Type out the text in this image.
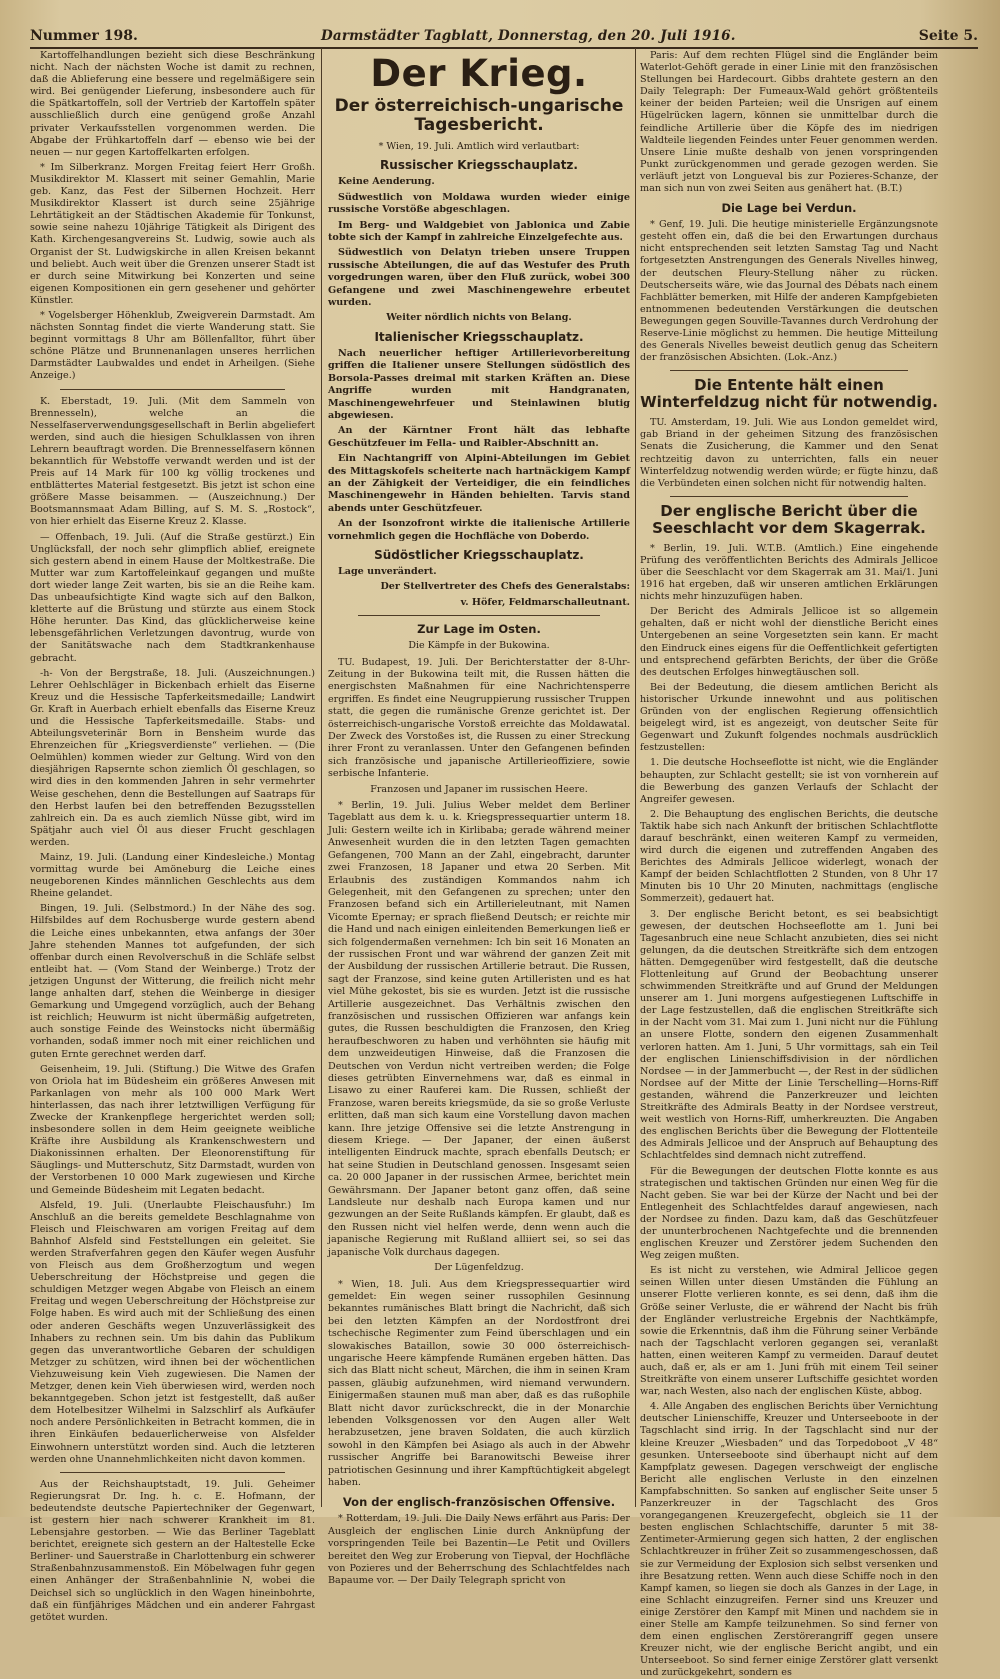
Nummer 198.	Darmstädter Tagblatt, Donnerstag, den 20. Juli 1916.	Seite 5.

Kartoffelhandlungen bezieht sich diese Beschränkung nicht. Nach der nächsten Woche ist damit zu rechnen, daß die Ablieferung eine bessere und regelmäßigere sein wird. Bei genügender Lieferung, insbesondere auch für die Spätkartoffeln, soll der Vertrieb der Kartoffeln später ausschließlich durch eine genügend große Anzahl privater Verkaufsstellen vorgenommen werden. Die Abgabe der Frühkartoffeln darf — ebenso wie bei der neuen — nur gegen Kartoffelkarten erfolgen.

* Im Silberkranz. Morgen Freitag feiert Herr Großh. Musikdirektor M. Klassert mit seiner Gemahlin, Marie geb. Kanz, das Fest der Silbernen Hochzeit. Herr Musikdirektor Klassert ist durch seine 25jährige Lehrtätigkeit an der Städtischen Akademie für Tonkunst, sowie seine nahezu 10jährige Tätigkeit als Dirigent des Kath. Kirchengesangvereins St. Ludwig, sowie auch als Organist der St. Ludwigskirche in allen Kreisen bekannt und beliebt. Auch weit über die Grenzen unserer Stadt ist er durch seine Mitwirkung bei Konzerten und seine eigenen Kompositionen ein gern gesehener und gehörter Künstler.

* Vogelsberger Höhenklub, Zweigverein Darmstadt. Am nächsten Sonntag findet die vierte Wanderung statt. Sie beginnt vormittags 8 Uhr am Böllenfalltor, führt über schöne Plätze und Brunnenanlagen unseres herrlichen Darmstädter Laubwaldes und endet in Arheilgen. (Siehe Anzeige.)

K. Eberstadt, 19. Juli. (Mit dem Sammeln von Brennesseln), welche an die Nesselfaserverwendungsgesellschaft in Berlin abgeliefert werden, sind auch die hiesigen Schulklassen von ihren Lehrern beauftragt worden. Die Brennesselfasern können bekanntlich für Webstoffe verwandt werden und ist der Preis auf 14 Mark für 100 kg völlig trockenes und entblättertes Material festgesetzt. Bis jetzt ist schon eine größere Masse beisammen. — (Auszeichnung.) Der Bootsmannsmaat Adam Billing, auf S. M. S. „Rostock“, von hier erhielt das Eiserne Kreuz 2. Klasse.

— Offenbach, 19. Juli. (Auf die Straße gestürzt.) Ein Unglücksfall, der noch sehr glimpflich ablief, ereignete sich gestern abend in einem Hause der Moltkestraße. Die Mutter war zum Kartoffeleinkauf gegangen und mußte dort wieder lange Zeit warten, bis sie an die Reihe kam. Das unbeaufsichtigte Kind wagte sich auf den Balkon, kletterte auf die Brüstung und stürzte aus einem Stock Höhe herunter. Das Kind, das glücklicherweise keine lebensgefährlichen Verletzungen davontrug, wurde von der Sanitätswache nach dem Stadtkrankenhause gebracht.

-h- Von der Bergstraße, 18. Juli. (Auszeichnungen.) Lehrer Oehlschläger in Bickenbach erhielt das Eiserne Kreuz und die Hessische Tapferkeitsmedaille; Landwirt Gr. Kraft in Auerbach erhielt ebenfalls das Eiserne Kreuz und die Hessische Tapferkeitsmedaille. Stabs- und Abteilungsveterinär Born in Bensheim wurde das Ehrenzeichen für „Kriegsverdienste“ verliehen. — (Die Oelmühlen) kommen wieder zur Geltung. Wird von den diesjährigen Rapsernte schon ziemlich Öl geschlagen, so wird dies in den kommenden Jahren in sehr vermehrter Weise geschehen, denn die Bestellungen auf Saatraps für den Herbst laufen bei den betreffenden Bezugsstellen zahlreich ein. Da es auch ziemlich Nüsse gibt, wird im Spätjahr auch viel Öl aus dieser Frucht geschlagen werden.

Mainz, 19. Juli. (Landung einer Kindesleiche.) Montag vormittag wurde bei Amöneburg die Leiche eines neugeborenen Kindes männlichen Geschlechts aus dem Rheine gelandet.

Bingen, 19. Juli. (Selbstmord.) In der Nähe des sog. Hilfsbildes auf dem Rochusberge wurde gestern abend die Leiche eines unbekannten, etwa anfangs der 30er Jahre stehenden Mannes tot aufgefunden, der sich offenbar durch einen Revolverschuß in die Schläfe selbst entleibt hat. — (Vom Stand der Weinberge.) Trotz der jetzigen Ungunst der Witterung, die freilich nicht mehr lange anhalten darf, stehen die Weinberge in diesiger Gemarkung und Umgegend vorzüglich, auch der Behang ist reichlich; Heuwurm ist nicht übermäßig aufgetreten, auch sonstige Feinde des Weinstocks nicht übermäßig vorhanden, sodaß immer noch mit einer reichlichen und guten Ernte gerechnet werden darf.

Geisenheim, 19. Juli. (Stiftung.) Die Witwe des Grafen von Oriola hat im Büdesheim ein größeres Anwesen mit Parkanlagen von mehr als 100 000 Mark Wert hinterlassen, das nach ihrer letztwilligen Verfügung für Zwecke der Krankenpflege hergerichtet werden soll; insbesondere sollen in dem Heim geeignete weibliche Kräfte ihre Ausbildung als Krankenschwestern und Diakonissinnen erhalten. Der Eleonorenstiftung für Säuglings- und Mutterschutz, Sitz Darmstadt, wurden von der Verstorbenen 10 000 Mark zugewiesen und Kirche und Gemeinde Büdesheim mit Legaten bedacht.

Alsfeld, 19. Juli. (Unerlaubte Fleischausfuhr.) Im Anschluß an die bereits gemeldete Beschlagnahme von Fleisch und Fleischwaren am vorigen Freitag auf dem Bahnhof Alsfeld sind Feststellungen ein geleitet. Sie werden Strafverfahren gegen den Käufer wegen Ausfuhr von Fleisch aus dem Großherzogtum und wegen Ueberschreitung der Höchstpreise und gegen die schuldigen Metzger wegen Abgabe von Fleisch an einem Freitag und wegen Ueberschreitung der Höchstpreise zur Folge haben. Es wird auch mit der Schließung des einen oder anderen Geschäfts wegen Unzuverlässigkeit des Inhabers zu rechnen sein. Um bis dahin das Publikum gegen das unverantwortliche Gebaren der schuldigen Metzger zu schützen, wird ihnen bei der wöchentlichen Viehzuweisung kein Vieh zugewiesen. Die Namen der Metzger, denen kein Vieh überwiesen wird, werden noch bekanntgegeben. Schon jetzt ist festgestellt, daß außer dem Hotelbesitzer Wilhelmi in Salzschlirf als Aufkäufer noch andere Persönlichkeiten in Betracht kommen, die in ihren Einkäufen bedauerlicherweise von Alsfelder Einwohnern unterstützt worden sind. Auch die letzteren werden ohne Unannehmlichkeiten nicht davon kommen.

Aus der Reichshauptstadt, 19. Juli. Geheimer Regierungsrat Dr. Ing. h. c. E. Hofmann, der bedeutendste deutsche Papiertechniker der Gegenwart, ist gestern hier nach schwerer Krankheit im 81. Lebensjahre gestorben. — Wie das Berliner Tageblatt berichtet, ereignete sich gestern an der Haltestelle Ecke Berliner- und Sauerstraße in Charlottenburg ein schwerer Straßenbahnzusammenstoß. Ein Möbelwagen fuhr gegen einen Anhänger der Straßenbahnlinie N, wobei die Deichsel sich so unglücklich in den Wagen hineinbohrte, daß ein fünfjähriges Mädchen und ein anderer Fahrgast getötet wurden.

Der Krieg.
Der österreichisch-ungarische Tagesbericht.

* Wien, 19. Juli. Amtlich wird verlautbart:

Russischer Kriegsschauplatz.

Keine Aenderung.

Südwestlich von Moldawa wurden wieder einige russische Vorstöße abgeschlagen.

Im Berg- und Waldgebiet von Jablonica und Zabie tobte sich der Kampf in zahlreiche Einzelgefechte aus.

Südwestlich von Delatyn trieben unsere Truppen russische Abteilungen, die auf das Westufer des Pruth vorgedrungen waren, über den Fluß zurück, wobei 300 Gefangene und zwei Maschinengewehre erbeutet wurden.

Weiter nördlich nichts von Belang.

Italienischer Kriegsschauplatz.

Nach neuerlicher heftiger Artillerievorbereitung griffen die Italiener unsere Stellungen südöstlich des Borsola-Passes dreimal mit starken Kräften an. Diese Angriffe wurden mit Handgranaten, Maschinengewehrfeuer und Steinlawinen blutig abgewiesen.

An der Kärntner Front hält das lebhafte Geschützfeuer im Fella- und Raibler-Abschnitt an.

Ein Nachtangriff von Alpini-Abteilungen im Gebiet des Mittagskofels scheiterte nach hartnäckigem Kampf an der Zähigkeit der Verteidiger, die ein feindliches Maschinengewehr in Händen behielten. Tarvis stand abends unter Geschützfeuer.

An der Isonzofront wirkte die italienische Artillerie vornehmlich gegen die Hochfläche von Doberdo.

Südöstlicher Kriegsschauplatz.

Lage unverändert.

Der Stellvertreter des Chefs des Generalstabs:

v. Höfer, Feldmarschalleutnant.

Zur Lage im Osten.

Die Kämpfe in der Bukowina.

TU. Budapest, 19. Juli. Der Berichterstatter der 8-Uhr-Zeitung in der Bukowina teilt mit, die Russen hätten die energischsten Maßnahmen für eine Nachrichtensperre ergriffen. Es findet eine Neugruppierung russischer Truppen statt, die gegen die rumänische Grenze gerichtet ist. Der österreichisch-ungarische Vorstoß erreichte das Moldawatal. Der Zweck des Vorstoßes ist, die Russen zu einer Streckung ihrer Front zu veranlassen. Unter den Gefangenen befinden sich französische und japanische Artillerieoffiziere, sowie serbische Infanterie.

Franzosen und Japaner im russischen Heere.

* Berlin, 19. Juli. Julius Weber meldet dem Berliner Tageblatt aus dem k. u. k. Kriegspressequartier unterm 18. Juli: Gestern weilte ich in Kirlibaba; gerade während meiner Anwesenheit wurden die in den letzten Tagen gemachten Gefangenen, 700 Mann an der Zahl, eingebracht, darunter zwei Franzosen, 18 Japaner und etwa 20 Serben. Mit Erlaubnis des zuständigen Kommandos nahm ich Gelegenheit, mit den Gefangenen zu sprechen; unter den Franzosen befand sich ein Artillerieleutnant, mit Namen Vicomte Epernay; er sprach fließend Deutsch; er reichte mir die Hand und nach einigen einleitenden Bemerkungen ließ er sich folgendermaßen vernehmen: Ich bin seit 16 Monaten an der russischen Front und war während der ganzen Zeit mit der Ausbildung der russischen Artillerie betraut. Die Russen, sagt der Franzose, sind keine guten Artilleristen und es hat viel Mühe gekostet, bis sie es wurden. Jetzt ist die russische Artillerie ausgezeichnet. Das Verhältnis zwischen den französischen und russischen Offizieren war anfangs kein gutes, die Russen beschuldigten die Franzosen, den Krieg heraufbeschworen zu haben und verhöhnten sie häufig mit dem unzweideutigen Hinweise, daß die Franzosen die Deutschen von Verdun nicht vertreiben werden; die Folge dieses getrübten Einvernehmens war, daß es einmal in Lisawo zu einer Rauferei kam. Die Russen, schließt der Franzose, waren bereits kriegsmüde, da sie so große Verluste erlitten, daß man sich kaum eine Vorstellung davon machen kann. Ihre jetzige Offensive sei die letzte Anstrengung in diesem Kriege. — Der Japaner, der einen äußerst intelligenten Eindruck machte, sprach ebenfalls Deutsch; er hat seine Studien in Deutschland genossen. Insgesamt seien ca. 20 000 Japaner in der russischen Armee, berichtet mein Gewährsmann. Der Japaner betont ganz offen, daß seine Landsleute nur deshalb nach Europa kamen und nur gezwungen an der Seite Rußlands kämpfen. Er glaubt, daß es den Russen nicht viel helfen werde, denn wenn auch die japanische Regierung mit Rußland alliiert sei, so sei das japanische Volk durchaus dagegen.

Der Lügenfeldzug.

* Wien, 18. Juli. Aus dem Kriegspressequartier wird gemeldet: Ein wegen seiner russophilen Gesinnung bekanntes rumänisches Blatt bringt die Nachricht, daß sich bei den letzten Kämpfen an der Nordostfront drei tschechische Regimenter zum Feind überschlagen und ein slowakisches Bataillon, sowie 30 000 österreichisch-ungarische Heere kämpfende Rumänen ergeben hätten. Das sich das Blatt nicht scheut, Märchen, die ihm in seinen Kram passen, gläubig aufzunehmen, wird niemand verwundern. Einigermaßen staunen muß man aber, daß es das rußophile Blatt nicht davor zurückschreckt, die in der Monarchie lebenden Volksgenossen vor den Augen aller Welt herabzusetzen, jene braven Soldaten, die auch kürzlich sowohl in den Kämpfen bei Asiago als auch in der Abwehr russischer Angriffe bei Baranowitschi Beweise ihrer patriotischen Gesinnung und ihrer Kampftüchtigkeit abgelegt haben.

Von der englisch-französischen Offensive.

* Rotterdam, 19. Juli. Die Daily News erfährt aus Paris: Der Ausgleich der englischen Linie durch Anknüpfung der vorspringenden Teile bei Bazentin—Le Petit und Ovillers bereitet den Weg zur Eroberung von Tiepval, der Hochfläche von Pozieres und der Beherrschung des Schlachtfeldes nach Bapaume vor. — Der Daily Telegraph spricht von

Paris: Auf dem rechten Flügel sind die Engländer beim Waterlot-Gehöft gerade in einer Linie mit den französischen Stellungen bei Hardecourt. Gibbs drahtete gestern an den Daily Telegraph: Der Fumeaux-Wald gehört größtenteils keiner der beiden Parteien; weil die Unsrigen auf einem Hügelrücken lagern, können sie unmittelbar durch die feindliche Artillerie über die Köpfe des im niedrigen Waldteile liegenden Feindes unter Feuer genommen werden. Unsere Linie mußte deshalb von jenen vorspringenden Punkt zurückgenommen und gerade gezogen werden. Sie verläuft jetzt von Longueval bis zur Pozieres-Schanze, der man sich nun von zwei Seiten aus genähert hat. (B.T.)

Die Lage bei Verdun.

* Genf, 19. Juli. Die heutige ministerielle Ergänzungsnote gesteht offen ein, daß die bei den Erwartungen durchaus nicht entsprechenden seit letzten Samstag Tag und Nacht fortgesetzten Anstrengungen des Generals Nivelles hinweg, der deutschen Fleury-Stellung näher zu rücken. Deutscherseits wäre, wie das Journal des Débats nach einem Fachblätter bemerken, mit Hilfe der anderen Kampfgebieten entnommenen bedeutenden Verstärkungen die deutschen Bewegungen gegen Souville-Tavannes durch Verdrohung der Reserve-Linie möglichst zu hemmen. Die heutige Mitteilung des Generals Nivelles beweist deutlich genug das Scheitern der französischen Absichten. (Lok.-Anz.)

Die Entente hält einen Winterfeldzug nicht für notwendig.

TU. Amsterdam, 19. Juli. Wie aus London gemeldet wird, gab Briand in der geheimen Sitzung des französischen Senats die Zusicherung, die Kammer und den Senat rechtzeitig davon zu unterrichten, falls ein neuer Winterfeldzug notwendig werden würde; er fügte hinzu, daß die Verbündeten einen solchen nicht für notwendig halten.

Der englische Bericht über die Seeschlacht vor dem Skagerrak.

* Berlin, 19. Juli. W.T.B. (Amtlich.) Eine eingehende Prüfung des veröffentlichten Berichts des Admirals Jellicoe über die Seeschlacht vor dem Skagerrak am 31. Mai/1. Juni 1916 hat ergeben, daß wir unseren amtlichen Erklärungen nichts mehr hinzuzufügen haben.

Der Bericht des Admirals Jellicoe ist so allgemein gehalten, daß er nicht wohl der dienstliche Bericht eines Untergebenen an seine Vorgesetzten sein kann. Er macht den Eindruck eines eigens für die Oeffentlichkeit gefertigten und entsprechend gefärbten Berichts, der über die Größe des deutschen Erfolges hinwegtäuschen soll.

Bei der Bedeutung, die diesem amtlichen Bericht als historischer Urkunde innewohnt und aus politischen Gründen von der englischen Regierung offensichtlich beigelegt wird, ist es angezeigt, von deutscher Seite für Gegenwart und Zukunft folgendes nochmals ausdrücklich festzustellen:

1. Die deutsche Hochseeflotte ist nicht, wie die Engländer behaupten, zur Schlacht gestellt; sie ist von vornherein auf die Bewerbung des ganzen Verlaufs der Schlacht der Angreifer gewesen.

2. Die Behauptung des englischen Berichts, die deutsche Taktik habe sich nach Ankunft der britischen Schlachtflotte darauf beschränkt, einen weiteren Kampf zu vermeiden, wird durch die eigenen und zutreffenden Angaben des Berichtes des Admirals Jellicoe widerlegt, wonach der Kampf der beiden Schlachtflotten 2 Stunden, von 8 Uhr 17 Minuten bis 10 Uhr 20 Minuten, nachmittags (englische Sommerzeit), gedauert hat.

3. Der englische Bericht betont, es sei beabsichtigt gewesen, der deutschen Hochseeflotte am 1. Juni bei Tagesanbruch eine neue Schlacht anzubieten, dies sei nicht gelungen, da die deutschen Streitkräfte sich dem entzogen hätten. Demgegenüber wird festgestellt, daß die deutsche Flottenleitung auf Grund der Beobachtung unserer schwimmenden Streitkräfte und auf Grund der Meldungen unserer am 1. Juni morgens aufgestiegenen Luftschiffe in der Lage festzustellen, daß die englischen Streitkräfte sich in der Nacht vom 31. Mai zum 1. Juni nicht nur die Fühlung an unsere Flotte, sondern den eigenen Zusammenhalt verloren hatten. Am 1. Juni, 5 Uhr vormittags, sah ein Teil der englischen Linienschiffsdivision in der nördlichen Nordsee — in der Jammerbucht —, der Rest in der südlichen Nordsee auf der Mitte der Linie Terschelling—Horns-Riff gestanden, während die Panzerkreuzer und leichten Streitkräfte des Admirals Beatty in der Nordsee verstreut, weit westlich von Horns-Riff, umherkreuzten. Die Angaben des englischen Berichts über die Bewegung der Flottenteile des Admirals Jellicoe und der Anspruch auf Behauptung des Schlachtfeldes sind demnach nicht zutreffend.

Für die Bewegungen der deutschen Flotte konnte es aus strategischen und taktischen Gründen nur einen Weg für die Nacht geben. Sie war bei der Kürze der Nacht und bei der Entlegenheit des Schlachtfeldes darauf angewiesen, nach der Nordsee zu finden. Dazu kam, daß das Geschützfeuer der ununterbrochenen Nachtgefechte und die brennenden englischen Kreuzer und Zerstörer jedem Suchenden den Weg zeigen mußten.

Es ist nicht zu verstehen, wie Admiral Jellicoe gegen seinen Willen unter diesen Umständen die Fühlung an unserer Flotte verlieren konnte, es sei denn, daß ihm die Größe seiner Verluste, die er während der Nacht bis früh der Engländer verlustreiche Ergebnis der Nachtkämpfe, sowie die Erkenntnis, daß ihm die Führung seiner Verbände nach der Tagschlacht verloren gegangen sei, veranlaßt hatten, einen weiteren Kampf zu vermeiden. Darauf deutet auch, daß er, als er am 1. Juni früh mit einem Teil seiner Streitkräfte von einem unserer Luftschiffe gesichtet worden war, nach Westen, also nach der englischen Küste, abbog.

4. Alle Angaben des englischen Berichts über Vernichtung deutscher Linienschiffe, Kreuzer und Unterseeboote in der Tagschlacht sind irrig. In der Tagschlacht sind nur der kleine Kreuzer „Wiesbaden“ und das Torpedoboot „V 48“ gesunken. Unterseeboote sind überhaupt nicht auf dem Kampfplatz gewesen. Dagegen verschweigt der englische Bericht alle englischen Verluste in den einzelnen Kampfabschnitten. So sanken auf englischer Seite unser 5 Panzerkreuzer in der Tagschlacht des Gros vorangegangenen Kreuzergefecht, obgleich sie 11 der besten englischen Schlachtschiffe, darunter 5 mit 38-Zentimeter-Armierung gegen sich hatten, 2 der englischen Schlachtkreuzer in früher Zeit so zusammengeschossen, daß sie zur Vermeidung der Explosion sich selbst versenken und ihre Besatzung retten. Wenn auch diese Schiffe noch in den Kampf kamen, so liegen sie doch als Ganzes in der Lage, in eine Schlacht einzugreifen. Ferner sind uns Kreuzer und einige Zerstörer den Kampf mit Minen und nachdem sie in einer Stelle am Kampfe teilzunehmen. So sind ferner von dem einen englischen Zerstörerangriff gegen unsere Kreuzer nicht, wie der englische Bericht angibt, und ein Unterseeboot. So sind ferner einige Zerstörer glatt versenkt und zurückgekehrt, sondern es
